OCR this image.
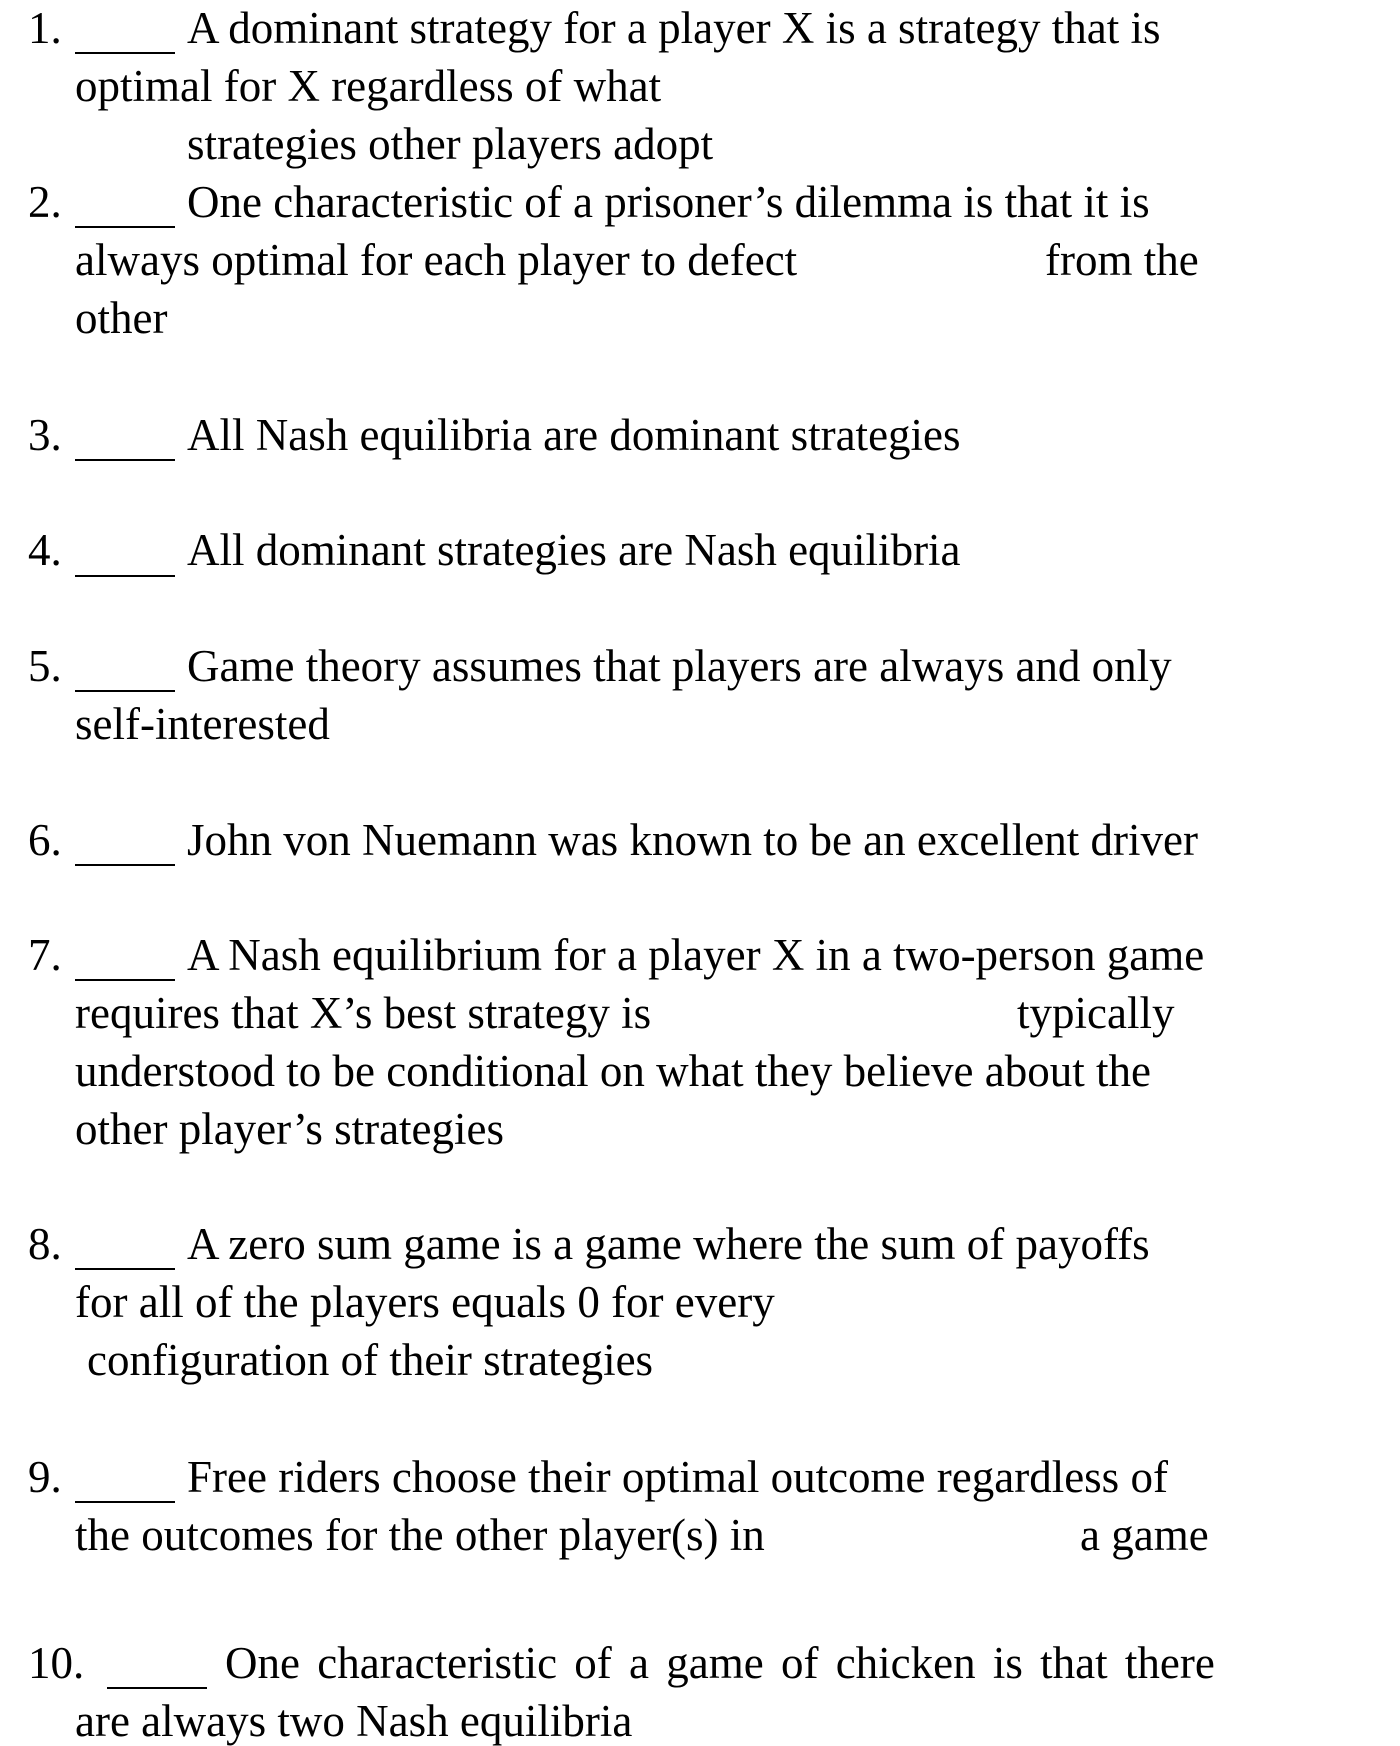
1.	A dominant strategy for a player X is a strategy that is

optimal for X regardless of what

strategies other players adopt

2.	One characteristic of a prisoner’s dilemma is that it is

always optimal for each player to defect	from the

other

3.	All Nash equilibria are dominant strategies

4.	All dominant strategies are Nash equilibria

5.	Game theory assumes that players are always and only

self-interested

6.	John von Nuemann was known to be an excellent driver

7.	A Nash equilibrium for a player X in a two-person game

requires that X’s best strategy is	typically

understood to be conditional on what they believe about the

other player’s strategies

8.	A zero sum game is a game where the sum of payoffs

for all of the players equals 0 for every

configuration of their strategies

9.	Free riders choose their optimal outcome regardless of

the outcomes for the other player(s) in	a game

10.	One characteristic of a game of chicken is that there

are always two Nash equilibria
